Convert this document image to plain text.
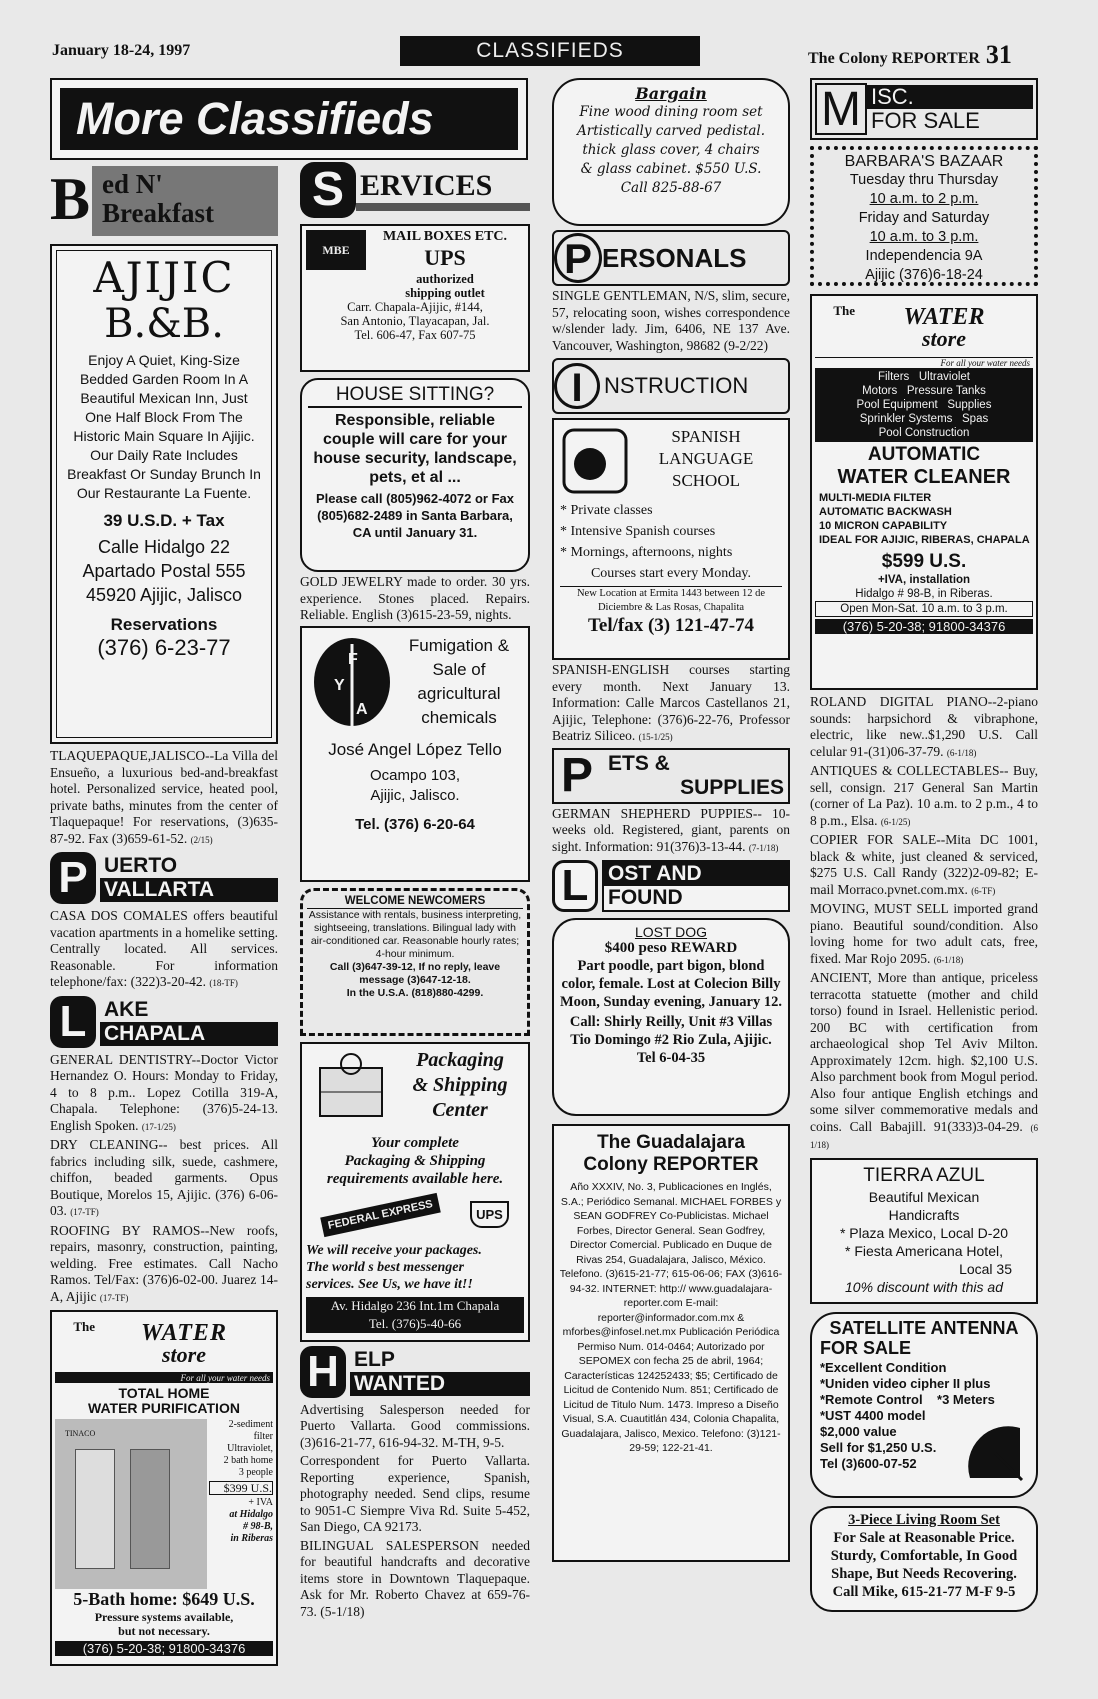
January 18-24, 1997	CLASSIFIEDS	The Colony REPORTER 31
More Classifieds
B ed N'
Breakfast
AJIJIC
B.&B.
Enjoy A Quiet, King-Size Bedded Garden Room In A Beautiful Mexican Inn, Just One Half Block From The Historic Main Square In Ajijic. Our Daily Rate Includes Breakfast Or Sunday Brunch In Our Restaurante La Fuente.
39 U.S.D. + Tax
Calle Hidalgo 22
Apartado Postal 555
45920 Ajijic, Jalisco
Reservations
(376) 6-23-77
TLAQUEPAQUE,JALISCO--La Villa del Ensueño, a luxurious bed-and-breakfast hotel. Personalized service, heated pool, private baths, minutes from the center of Tlaquepaque! For reservations, (3)635-87-92. Fax (3)659-61-52. (2/15)
P UERTO
VALLARTA
CASA DOS COMALES offers beautiful vacation apartments in a homelike setting. Centrally located. All services. Reasonable. For information telephone/fax: (322)3-20-42. (18-TF)
L AKE
CHAPALA
GENERAL DENTISTRY--Doctor Victor Hernandez O. Hours: Monday to Friday, 4 to 8 p.m.. Lopez Cotilla 319-A, Chapala. Telephone: (376)5-24-13. English Spoken. (17-1/25)
DRY CLEANING-- best prices. All fabrics including silk, suede, cashmere, chiffon, beaded garments. Opus Boutique, Morelos 15, Ajijic. (376) 6-06-03. (17-TF)
ROOFING BY RAMOS--New roofs, repairs, masonry, construction, painting, welding. Free estimates. Call Nacho Ramos. Tel/Fax: (376)6-02-00. Juarez 14-A, Ajijic (17-TF)
The	WATER
store
For all your water needs
TOTAL HOME
WATER PURIFICATION
TINACO
2-sediment filter
Ultraviolet,
2 bath home
3 people
$399 U.S.
+ IVA
at Hidalgo
# 98-B,
in Riberas
5-Bath home: $649 U.S.
Pressure systems available,
but not necessary.
(376) 5-20-38; 91800-34376
S ERVICES
MBE
MAIL BOXES ETC.
UPS
authorized
shipping outlet
Carr. Chapala-Ajijic, #144,
San Antonio, Tlayacapan, Jal.
Tel. 606-47, Fax 607-75
HOUSE SITTING?
Responsible, reliable couple will care for your house security, landscape, pets, et al ...
Please call (805)962-4072 or Fax (805)682-2489 in Santa Barbara, CA until January 31.
GOLD JEWELRY made to order. 30 yrs. experience. Stones placed. Repairs. Reliable. English (3)615-23-59, nights.
F
Y
A
Fumigation & Sale of agricultural chemicals
José Angel López Tello
Ocampo 103,
Ajijic, Jalisco.
Tel. (376) 6-20-64
WELCOME NEWCOMERS
Assistance with rentals, business interpreting, sightseeing, translations. Bilingual lady with air-conditioned car. Reasonable hourly rates; 4-hour minimum.
Call (3)647-39-12, If no reply, leave message (3)647-12-18.
In the U.S.A. (818)880-4299.
Packaging
& Shipping
Center
Your complete
Packaging & Shipping
requirements available here.
FEDERAL EXPRESS	UPS
We will receive your packages.
The world s best messenger
services. See Us, we have it!!
Av. Hidalgo 236 Int.1m Chapala
Tel. (376)5-40-66
H ELP
WANTED
Advertising Salesperson needed for Puerto Vallarta. Good commissions. (3)616-21-77, 616-94-32. M-TH, 9-5.
Correspondent for Puerto Vallarta. Reporting experience, Spanish, photography needed. Send clips, resume to 9051-C Siempre Viva Rd. Suite 5-452, San Diego, CA 92173.
BILINGUAL SALESPERSON needed for beautiful handcrafts and decorative items store in Downtown Tlaquepaque. Ask for Mr. Roberto Chavez at 659-76-73. (5-1/18)
Bargain
Fine wood dining room set
Artistically carved pedistal.
thick glass cover, 4 chairs
& glass cabinet. $550 U.S.
Call 825-88-67
P ERSONALS
SINGLE GENTLEMAN, N/S, slim, secure, 57, relocating soon, wishes correspondence w/slender lady. Jim, 6406, NE 137 Ave. Vancouver, Washington, 98682 (9-2/22)
I NSTRUCTION
SPANISH
LANGUAGE
SCHOOL
* Private classes
* Intensive Spanish courses
* Mornings, afternoons, nights
Courses start every Monday.
New Location at Ermita 1443 between 12 de Diciembre & Las Rosas, Chapalita
Tel/fax (3) 121-47-74
SPANISH-ENGLISH courses starting every month. Next January 13. Information: Calle Marcos Castellanos 21, Ajijic, Telephone: (376)6-22-76, Professor Beatriz Siliceo. (15-1/25)
P ETS &
SUPPLIES
GERMAN SHEPHERD PUPPIES-- 10-weeks old. Registered, giant, parents on sight. Information: 91(376)3-13-44. (7-1/18)
L OST AND
FOUND
LOST DOG
$400 peso REWARD
Part poodle, part bigon, blond color, female. Lost at Colecion Billy Moon, Sunday evening, January 12.
Call: Shirly Reilly, Unit #3 Villas Tio Domingo #2 Rio Zula, Ajijic. Tel 6-04-35
The Guadalajara
Colony REPORTER
Año XXXIV, No. 3, Publicaciones en Inglés, S.A.; Periódico Semanal. MICHAEL FORBES y SEAN GODFREY Co-Publicistas. Michael Forbes, Director General. Sean Godfrey, Director Comercial. Publicado en Duque de Rivas 254, Guadalajara, Jalisco, México. Telefono. (3)615-21-77; 615-06-06; FAX (3)616-94-32. INTERNET: http:// www.guadalajara-reporter.com E-mail: reporter@informador.com.mx & mforbes@infosel.net.mx Publicación Periódica Permiso Num. 014-0464; Autorizado por SEPOMEX con fecha 25 de abril, 1964; Características 124252433; $5; Certificado de Licitud de Contenido Num. 851; Certificado de Licitud de Titulo Num. 1473. Impreso a Diseño Visual, S.A. Cuautitlán 434, Colonia Chapalita, Guadalajara, Jalisco, Mexico. Telefono: (3)121-29-59; 122-21-41.
M ISC.
FOR SALE
BARBARA'S BAZAAR
Tuesday thru Thursday
10 a.m. to 2 p.m.
Friday and Saturday
10 a.m. to 3 p.m.
Independencia 9A
Ajijic (376)6-18-24
The	WATER
store
For all your water needs
Filters Ultraviolet
Motors Pressure Tanks
Pool Equipment Supplies
Sprinkler Systems Spas
Pool Construction
AUTOMATIC
WATER CLEANER
MULTI-MEDIA FILTER
AUTOMATIC BACKWASH
10 MICRON CAPABILITY
IDEAL FOR AJIJIC, RIBERAS, CHAPALA
$599 U.S.
+IVA, installation
Hidalgo # 98-B, in Riberas.
Open Mon-Sat. 10 a.m. to 3 p.m.
(376) 5-20-38; 91800-34376
ROLAND DIGITAL PIANO--2-piano sounds: harpsichord & vibraphone, electric, like new..$1,290 U.S. Call celular 91-(31)06-37-79. (6-1/18)
ANTIQUES & COLLECTABLES-- Buy, sell, consign. 217 General San Martin (corner of La Paz). 10 a.m. to 2 p.m., 4 to 8 p.m., Elsa. (6-1/25)
COPIER FOR SALE--Mita DC 1001, black & white, just cleaned & serviced, $275 U.S. Call Randy (322)2-09-82; E-mail Morraco.pvnet.com.mx. (6-TF)
MOVING, MUST SELL imported grand piano. Beautiful sound/condition. Also loving home for two adult cats, free, fixed. Mar Rojo 2095. (6-1/18)
ANCIENT, More than antique, priceless terracotta statuette (mother and child torso) found in Israel. Hellenistic period. 200 BC with certification from archaeological shop Tel Aviv Milton. Approximately 12cm. high. $2,100 U.S. Also parchment book from Mogul period. Also four antique English etchings and some silver commemorative medals and coins. Call Babajill. 91(333)3-04-29. (6 1/18)
TIERRA AZUL
Beautiful Mexican
Handicrafts
* Plaza Mexico, Local D-20
* Fiesta Americana Hotel,
Local 35
10% discount with this ad
SATELLITE ANTENNA
FOR SALE
*Excellent Condition
*Uniden video cipher II plus
*Remote Control *3 Meters
*UST 4400 model
$2,000 value
Sell for $1,250 U.S.
Tel (3)600-07-52
3-Piece Living Room Set
For Sale at Reasonable Price. Sturdy, Comfortable, In Good Shape, But Needs Recovering. Call Mike, 615-21-77 M-F 9-5
